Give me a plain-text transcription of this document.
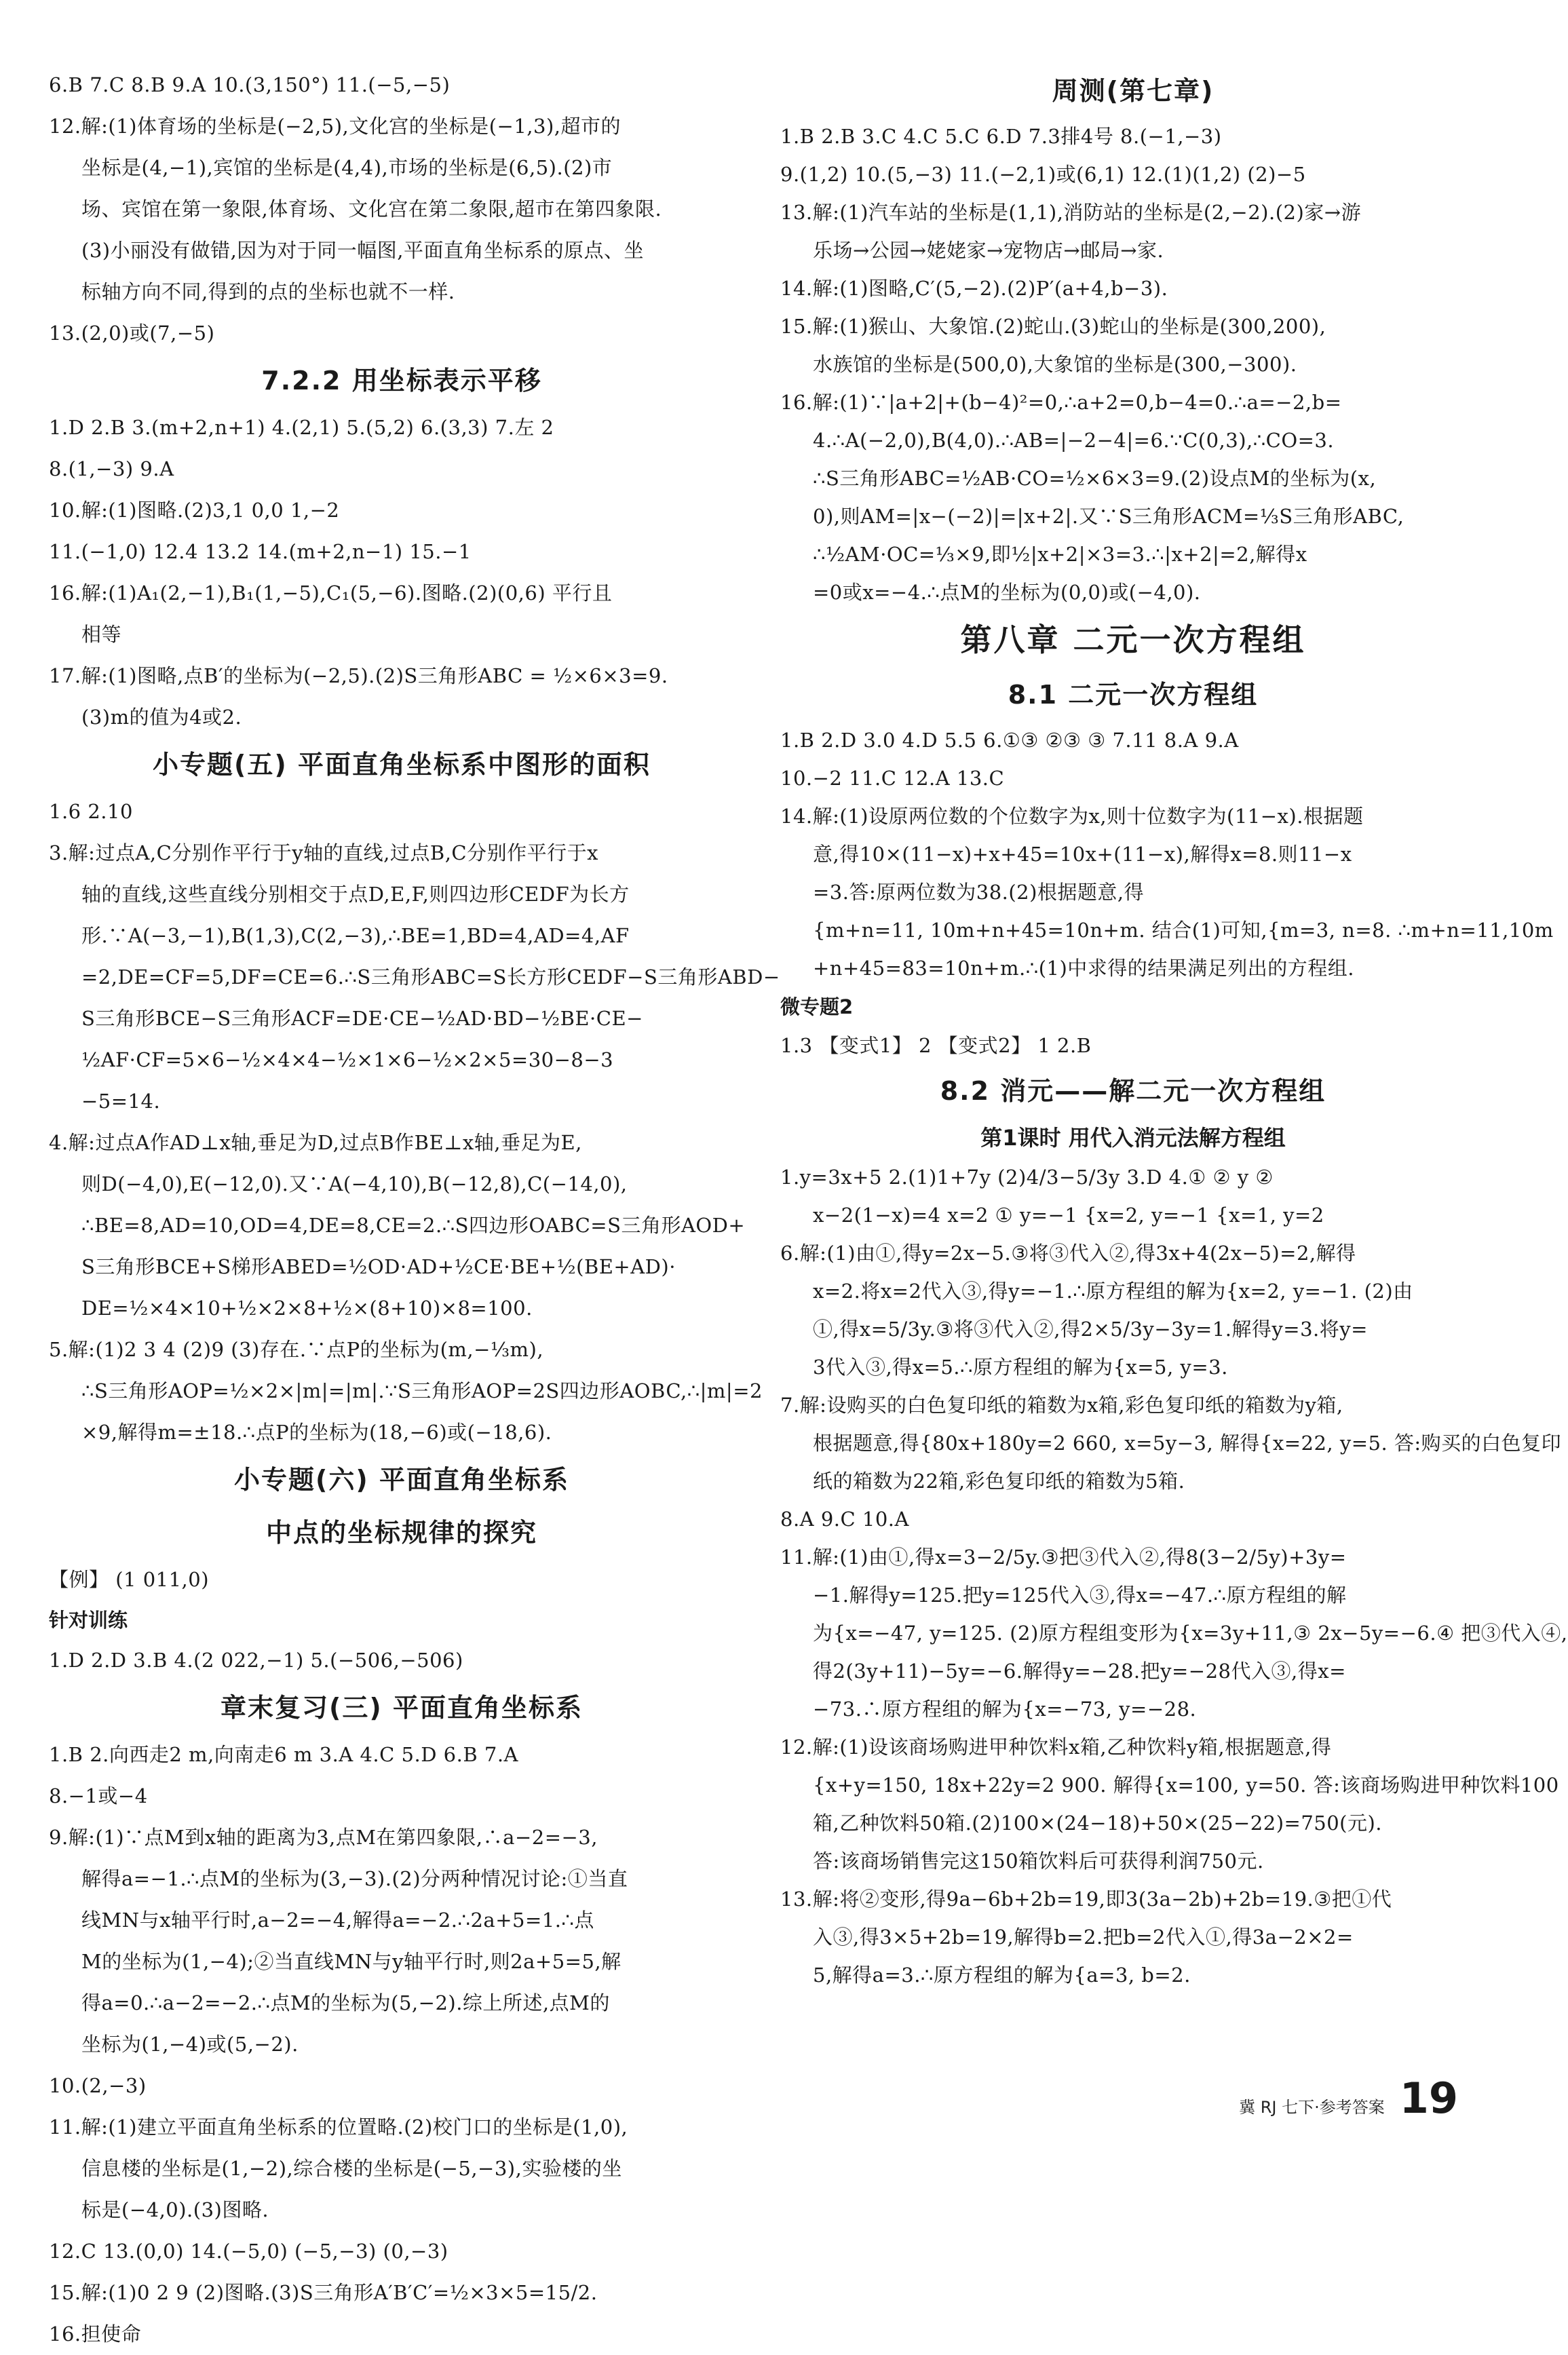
6.B 7.C 8.B 9.A 10.(3,150°) 11.(−5,−5)
12.解:(1)体育场的坐标是(−2,5),文化宫的坐标是(−1,3),超市的
坐标是(4,−1),宾馆的坐标是(4,4),市场的坐标是(6,5).(2)市
场、宾馆在第一象限,体育场、文化宫在第二象限,超市在第四象限.
(3)小丽没有做错,因为对于同一幅图,平面直角坐标系的原点、坐
标轴方向不同,得到的点的坐标也就不一样.
13.(2,0)或(7,−5)
7.2.2 用坐标表示平移
1.D 2.B 3.(m+2,n+1) 4.(2,1) 5.(5,2) 6.(3,3) 7.左 2
8.(1,−3) 9.A
10.解:(1)图略.(2)3,1 0,0 1,−2
11.(−1,0) 12.4 13.2 14.(m+2,n−1) 15.−1
16.解:(1)A₁(2,−1),B₁(1,−5),C₁(5,−6).图略.(2)(0,6) 平行且
相等
17.解:(1)图略,点B′的坐标为(−2,5).(2)S三角形ABC = ½×6×3=9.
(3)m的值为4或2.
小专题(五) 平面直角坐标系中图形的面积
1.6 2.10
3.解:过点A,C分别作平行于y轴的直线,过点B,C分别作平行于x
轴的直线,这些直线分别相交于点D,E,F,则四边形CEDF为长方
形.∵A(−3,−1),B(1,3),C(2,−3),∴BE=1,BD=4,AD=4,AF
=2,DE=CF=5,DF=CE=6.∴S三角形ABC=S长方形CEDF−S三角形ABD−
S三角形BCE−S三角形ACF=DE·CE−½AD·BD−½BE·CE−
½AF·CF=5×6−½×4×4−½×1×6−½×2×5=30−8−3
−5=14.
4.解:过点A作AD⊥x轴,垂足为D,过点B作BE⊥x轴,垂足为E,
则D(−4,0),E(−12,0).又∵A(−4,10),B(−12,8),C(−14,0),
∴BE=8,AD=10,OD=4,DE=8,CE=2.∴S四边形OABC=S三角形AOD+
S三角形BCE+S梯形ABED=½OD·AD+½CE·BE+½(BE+AD)·
DE=½×4×10+½×2×8+½×(8+10)×8=100.
5.解:(1)2 3 4 (2)9 (3)存在.∵点P的坐标为(m,−⅓m),
∴S三角形AOP=½×2×|m|=|m|.∵S三角形AOP=2S四边形AOBC,∴|m|=2
×9,解得m=±18.∴点P的坐标为(18,−6)或(−18,6).
小专题(六) 平面直角坐标系
中点的坐标规律的探究
【例】 (1 011,0)
针对训练
1.D 2.D 3.B 4.(2 022,−1) 5.(−506,−506)
章末复习(三) 平面直角坐标系
1.B 2.向西走2 m,向南走6 m 3.A 4.C 5.D 6.B 7.A
8.−1或−4
9.解:(1)∵点M到x轴的距离为3,点M在第四象限,∴a−2=−3,
解得a=−1.∴点M的坐标为(3,−3).(2)分两种情况讨论:①当直
线MN与x轴平行时,a−2=−4,解得a=−2.∴2a+5=1.∴点
M的坐标为(1,−4);②当直线MN与y轴平行时,则2a+5=5,解
得a=0.∴a−2=−2.∴点M的坐标为(5,−2).综上所述,点M的
坐标为(1,−4)或(5,−2).
10.(2,−3)
11.解:(1)建立平面直角坐标系的位置略.(2)校门口的坐标是(1,0),
信息楼的坐标是(1,−2),综合楼的坐标是(−5,−3),实验楼的坐
标是(−4,0).(3)图略.
12.C 13.(0,0) 14.(−5,0) (−5,−3) (0,−3)
15.解:(1)0 2 9 (2)图略.(3)S三角形A′B′C′=½×3×5=15/2.
16.担使命
周测(第七章)
1.B 2.B 3.C 4.C 5.C 6.D 7.3排4号 8.(−1,−3)
9.(1,2) 10.(5,−3) 11.(−2,1)或(6,1) 12.(1)(1,2) (2)−5
13.解:(1)汽车站的坐标是(1,1),消防站的坐标是(2,−2).(2)家→游
乐场→公园→姥姥家→宠物店→邮局→家.
14.解:(1)图略,C′(5,−2).(2)P′(a+4,b−3).
15.解:(1)猴山、大象馆.(2)蛇山.(3)蛇山的坐标是(300,200),
水族馆的坐标是(500,0),大象馆的坐标是(300,−300).
16.解:(1)∵|a+2|+(b−4)²=0,∴a+2=0,b−4=0.∴a=−2,b=
4.∴A(−2,0),B(4,0).∴AB=|−2−4|=6.∵C(0,3),∴CO=3.
∴S三角形ABC=½AB·CO=½×6×3=9.(2)设点M的坐标为(x,
0),则AM=|x−(−2)|=|x+2|.又∵S三角形ACM=⅓S三角形ABC,
∴½AM·OC=⅓×9,即½|x+2|×3=3.∴|x+2|=2,解得x
=0或x=−4.∴点M的坐标为(0,0)或(−4,0).
第八章 二元一次方程组
8.1 二元一次方程组
1.B 2.D 3.0 4.D 5.5 6.①③ ②③ ③ 7.11 8.A 9.A
10.−2 11.C 12.A 13.C
14.解:(1)设原两位数的个位数字为x,则十位数字为(11−x).根据题
意,得10×(11−x)+x+45=10x+(11−x),解得x=8.则11−x
=3.答:原两位数为38.(2)根据题意,得
{m+n=11, 10m+n+45=10n+m. 结合(1)可知,{m=3, n=8. ∴m+n=11,10m
+n+45=83=10n+m.∴(1)中求得的结果满足列出的方程组.
微专题2
1.3 【变式1】 2 【变式2】 1 2.B
8.2 消元——解二元一次方程组
第1课时 用代入消元法解方程组
1.y=3x+5 2.(1)1+7y (2)4/3−5/3y 3.D 4.① ② y ②
x−2(1−x)=4 x=2 ① y=−1 {x=2, y=−1 {x=1, y=2
6.解:(1)由①,得y=2x−5.③将③代入②,得3x+4(2x−5)=2,解得
x=2.将x=2代入③,得y=−1.∴原方程组的解为{x=2, y=−1. (2)由
①,得x=5/3y.③将③代入②,得2×5/3y−3y=1.解得y=3.将y=
3代入③,得x=5.∴原方程组的解为{x=5, y=3.
7.解:设购买的白色复印纸的箱数为x箱,彩色复印纸的箱数为y箱,
根据题意,得{80x+180y=2 660, x=5y−3, 解得{x=22, y=5. 答:购买的白色复印
纸的箱数为22箱,彩色复印纸的箱数为5箱.
8.A 9.C 10.A
11.解:(1)由①,得x=3−2/5y.③把③代入②,得8(3−2/5y)+3y=
−1.解得y=125.把y=125代入③,得x=−47.∴原方程组的解
为{x=−47, y=125. (2)原方程组变形为{x=3y+11,③ 2x−5y=−6.④ 把③代入④,
得2(3y+11)−5y=−6.解得y=−28.把y=−28代入③,得x=
−73.∴原方程组的解为{x=−73, y=−28.
12.解:(1)设该商场购进甲种饮料x箱,乙种饮料y箱,根据题意,得
{x+y=150, 18x+22y=2 900. 解得{x=100, y=50. 答:该商场购进甲种饮料100
箱,乙种饮料50箱.(2)100×(24−18)+50×(25−22)=750(元).
答:该商场销售完这150箱饮料后可获得利润750元.
13.解:将②变形,得9a−6b+2b=19,即3(3a−2b)+2b=19.③把①代
入③,得3×5+2b=19,解得b=2.把b=2代入①,得3a−2×2=
5,解得a=3.∴原方程组的解为{a=3, b=2.
冀 RJ 七下·参考答案 19
